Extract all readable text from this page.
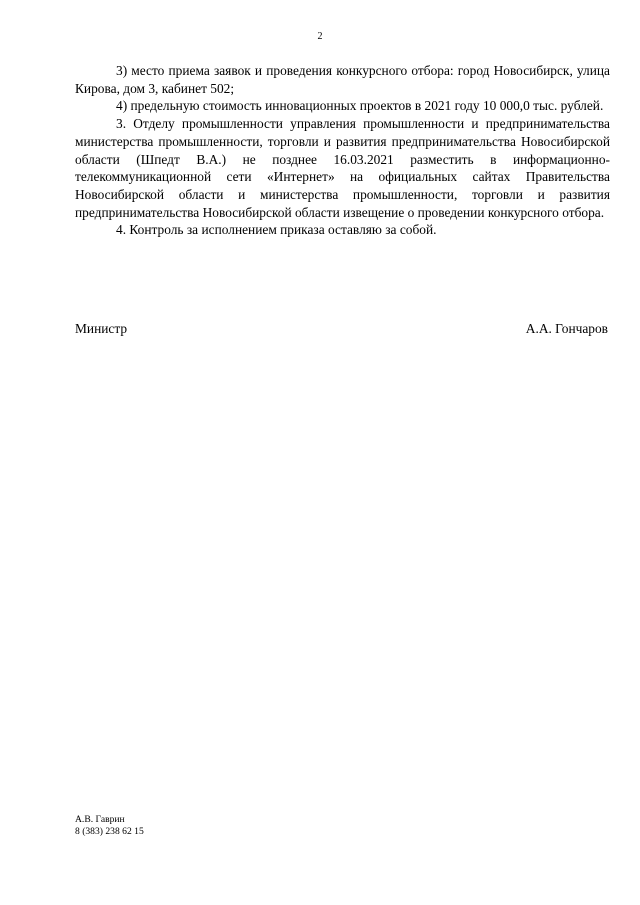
2

3) место приема заявок и проведения конкурсного отбора: город Новосибирск, улица Кирова, дом 3, кабинет 502;

4) предельную стоимость инновационных проектов в 2021 году 10 000,0 тыс. рублей.

3. Отделу промышленности управления промышленности и предпринимательства министерства промышленности, торговли и развития предпринимательства Новосибирской области (Шпедт В.А.) не позднее 16.03.2021 разместить в информационно-телекоммуникационной сети «Интернет» на официальных сайтах Правительства Новосибирской области и министерства промышленности, торговли и развития предпринимательства Новосибирской области извещение о проведении конкурсного отбора.

4. Контроль за исполнением приказа оставляю за собой.

Министр	А.А. Гончаров
А.В. Гаврин
8 (383) 238 62 15
